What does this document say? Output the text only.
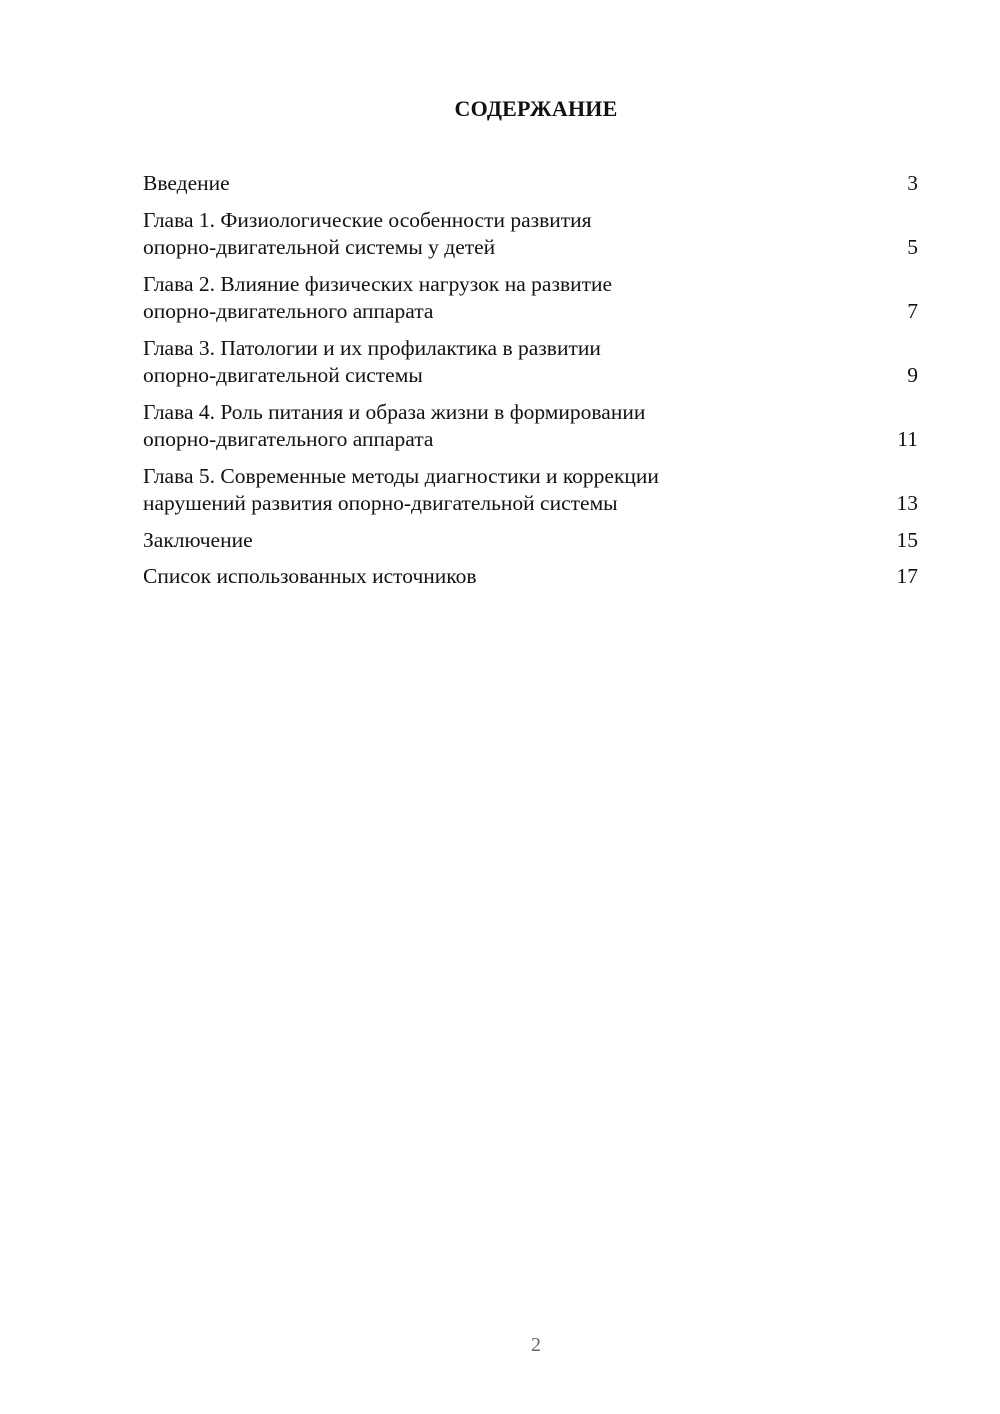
СОДЕРЖАНИЕ
Введение	3
Глава 1. Физиологические особенности развития
опорно-двигательной системы у детей	5
Глава 2. Влияние физических нагрузок на развитие
опорно-двигательного аппарата	7
Глава 3. Патологии и их профилактика в развитии
опорно-двигательной системы	9
Глава 4. Роль питания и образа жизни в формировании
опорно-двигательного аппарата	11
Глава 5. Современные методы диагностики и коррекции
нарушений развития опорно-двигательной системы	13
Заключение	15
Список использованных источников	17
2
